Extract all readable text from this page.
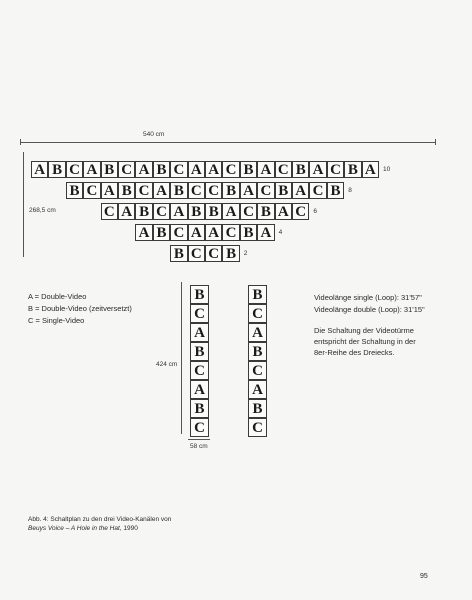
540 cm
268,5 cm
A B C A B C A B C A A C B A C B A C B A	10
B C A B C A B C C B A C B A C B	8
C A B C A B B A C B A C	6
A B C A A C B A	4
B C C B	2
B
C
A
B
C
A
B
C
B
C
A
B
C
A
B
C
424 cm
58 cm
A = Double-Video
B = Double-Video (zeitversetzt)
C = Single-Video
Videolänge single (Loop): 31'57"
Videolänge double (Loop): 31'15"
Die Schaltung der Videotürme
entspricht der Schaltung in der
8er-Reihe des Dreiecks.
Abb. 4: Schaltplan zu den drei Video-Kanälen von
Beuys Voice – A Hole in the Hat, 1990
95
